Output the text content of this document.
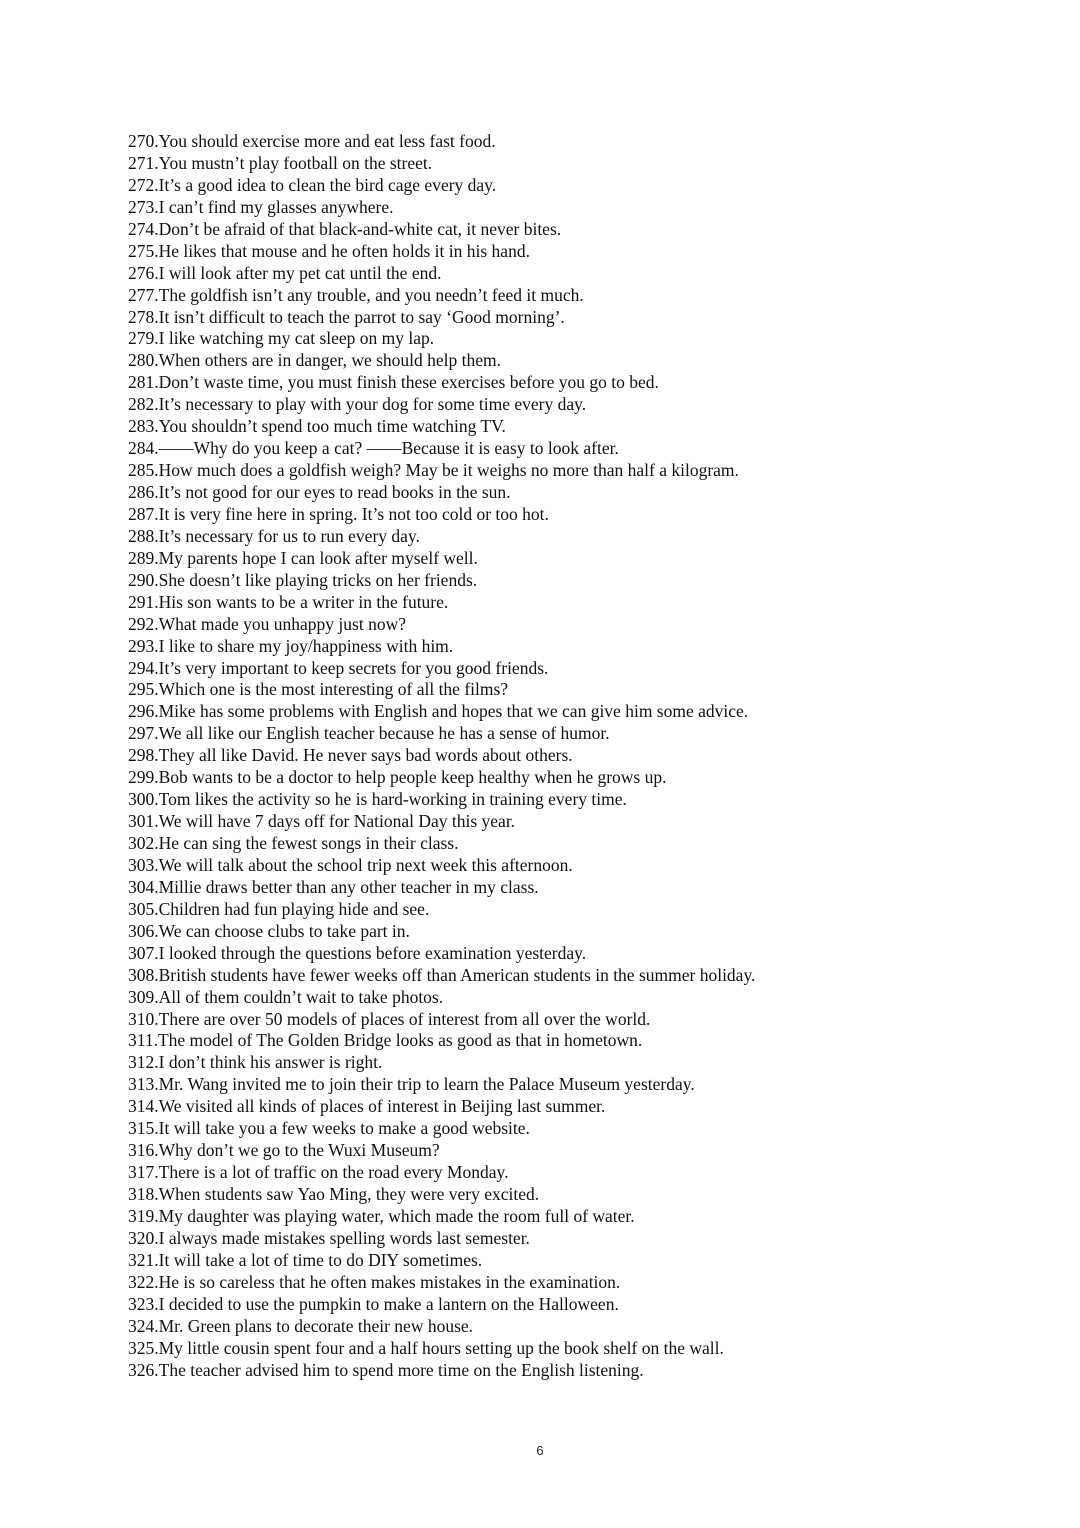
270.You should exercise more and eat less fast food.
271.You mustn’t play football on the street.
272.It’s a good idea to clean the bird cage every day.
273.I can’t find my glasses anywhere.
274.Don’t be afraid of that black-and-white cat, it never bites.
275.He likes that mouse and he often holds it in his hand.
276.I will look after my pet cat until the end.
277.The goldfish isn’t any trouble, and you needn’t feed it much.
278.It isn’t difficult to teach the parrot to say ‘Good morning’.
279.I like watching my cat sleep on my lap.
280.When others are in danger, we should help them.
281.Don’t waste time, you must finish these exercises before you go to bed.
282.It’s necessary to play with your dog for some time every day.
283.You shouldn’t spend too much time watching TV.
284.——Why do you keep a cat? ——Because it is easy to look after.
285.How much does a goldfish weigh? May be it weighs no more than half a kilogram.
286.It’s not good for our eyes to read books in the sun.
287.It is very fine here in spring. It’s not too cold or too hot.
288.It’s necessary for us to run every day.
289.My parents hope I can look after myself well.
290.She doesn’t like playing tricks on her friends.
291.His son wants to be a writer in the future.
292.What made you unhappy just now?
293.I like to share my joy/happiness with him.
294.It’s very important to keep secrets for you good friends.
295.Which one is the most interesting of all the films?
296.Mike has some problems with English and hopes that we can give him some advice.
297.We all like our English teacher because he has a sense of humor.
298.They all like David. He never says bad words about others.
299.Bob wants to be a doctor to help people keep healthy when he grows up.
300.Tom likes the activity so he is hard-working in training every time.
301.We will have 7 days off for National Day this year.
302.He can sing the fewest songs in their class.
303.We will talk about the school trip next week this afternoon.
304.Millie draws better than any other teacher in my class.
305.Children had fun playing hide and see.
306.We can choose clubs to take part in.
307.I looked through the questions before examination yesterday.
308.British students have fewer weeks off than American students in the summer holiday.
309.All of them couldn’t wait to take photos.
310.There are over 50 models of places of interest from all over the world.
311.The model of The Golden Bridge looks as good as that in hometown.
312.I don’t think his answer is right.
313.Mr. Wang invited me to join their trip to learn the Palace Museum yesterday.
314.We visited all kinds of places of interest in Beijing last summer.
315.It will take you a few weeks to make a good website.
316.Why don’t we go to the Wuxi Museum?
317.There is a lot of traffic on the road every Monday.
318.When students saw Yao Ming, they were very excited.
319.My daughter was playing water, which made the room full of water.
320.I always made mistakes spelling words last semester.
321.It will take a lot of time to do DIY sometimes.
322.He is so careless that he often makes mistakes in the examination.
323.I decided to use the pumpkin to make a lantern on the Halloween.
324.Mr. Green plans to decorate their new house.
325.My little cousin spent four and a half hours setting up the book shelf on the wall.
326.The teacher advised him to spend more time on the English listening.
6
